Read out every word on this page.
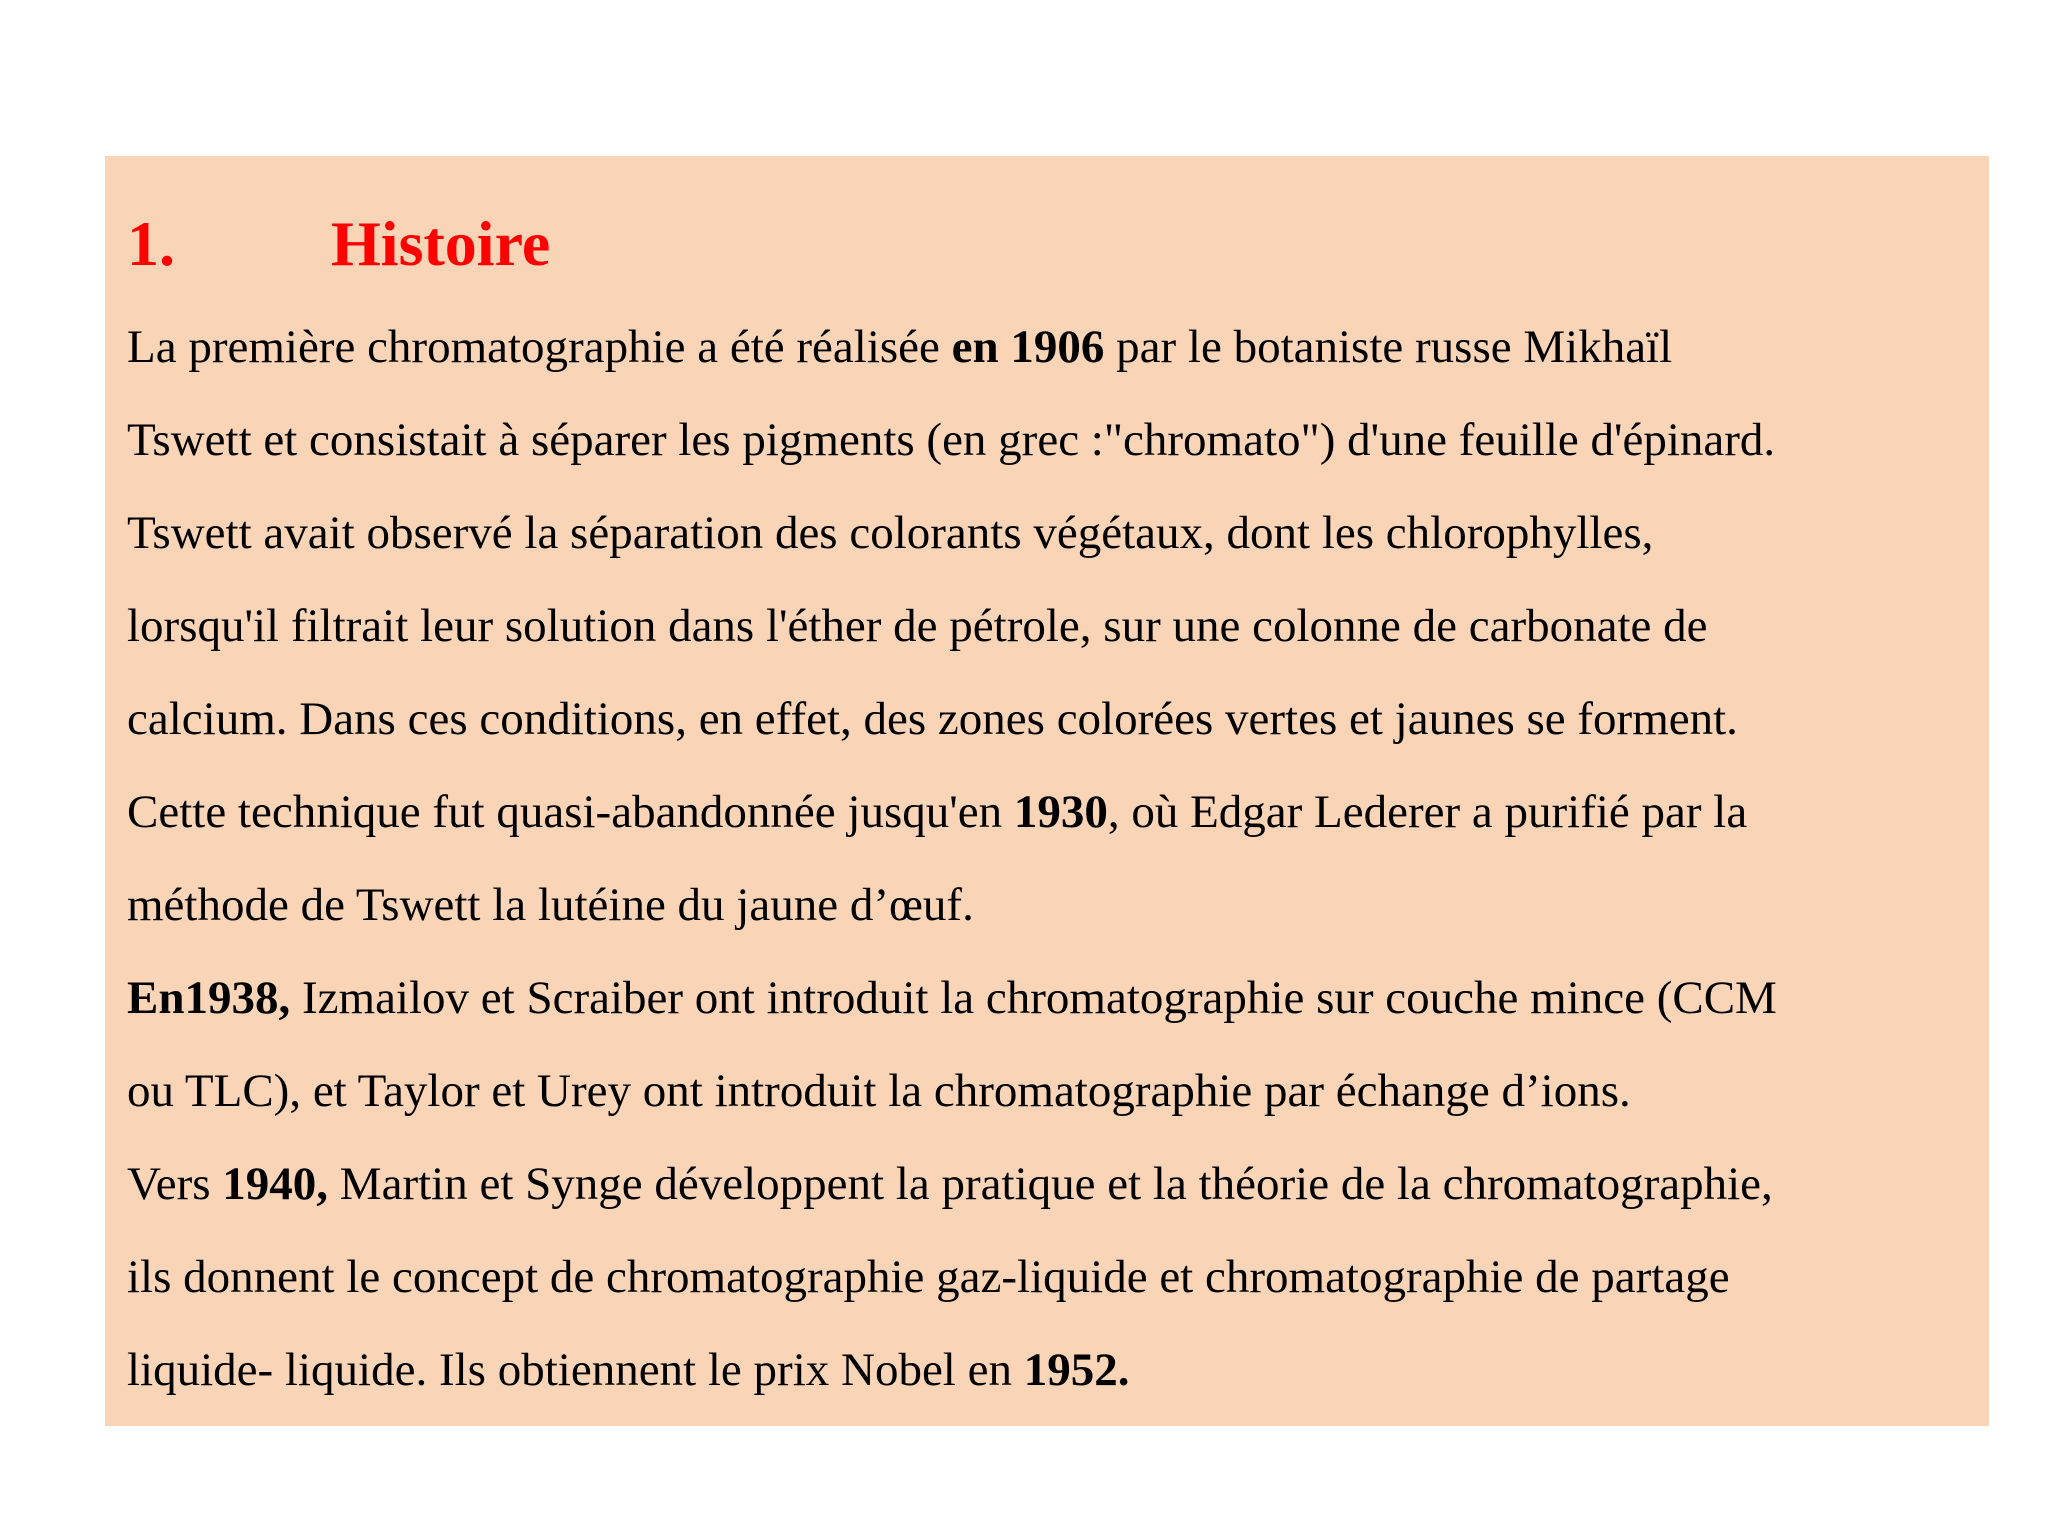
1.	Histoire
La première chromatographie a été réalisée en 1906 par le botaniste russe Mikhaïl
Tswett et consistait à séparer les pigments (en grec :"chromato") d'une feuille d'épinard.
Tswett avait observé la séparation des colorants végétaux, dont les chlorophylles,
lorsqu'il filtrait leur solution dans l'éther de pétrole, sur une colonne de carbonate de
calcium. Dans ces conditions, en effet, des zones colorées vertes et jaunes se forment.
Cette technique fut quasi-abandonnée jusqu'en 1930, où Edgar Lederer a purifié par la
méthode de Tswett la lutéine du jaune d’œuf.
En1938, Izmailov et Scraiber ont introduit la chromatographie sur couche mince (CCM
ou TLC), et Taylor et Urey ont introduit la chromatographie par échange d’ions.
Vers 1940, Martin et Synge développent la pratique et la théorie de la chromatographie,
ils donnent le concept de chromatographie gaz-liquide et chromatographie de partage
liquide- liquide. Ils obtiennent le prix Nobel en 1952.
